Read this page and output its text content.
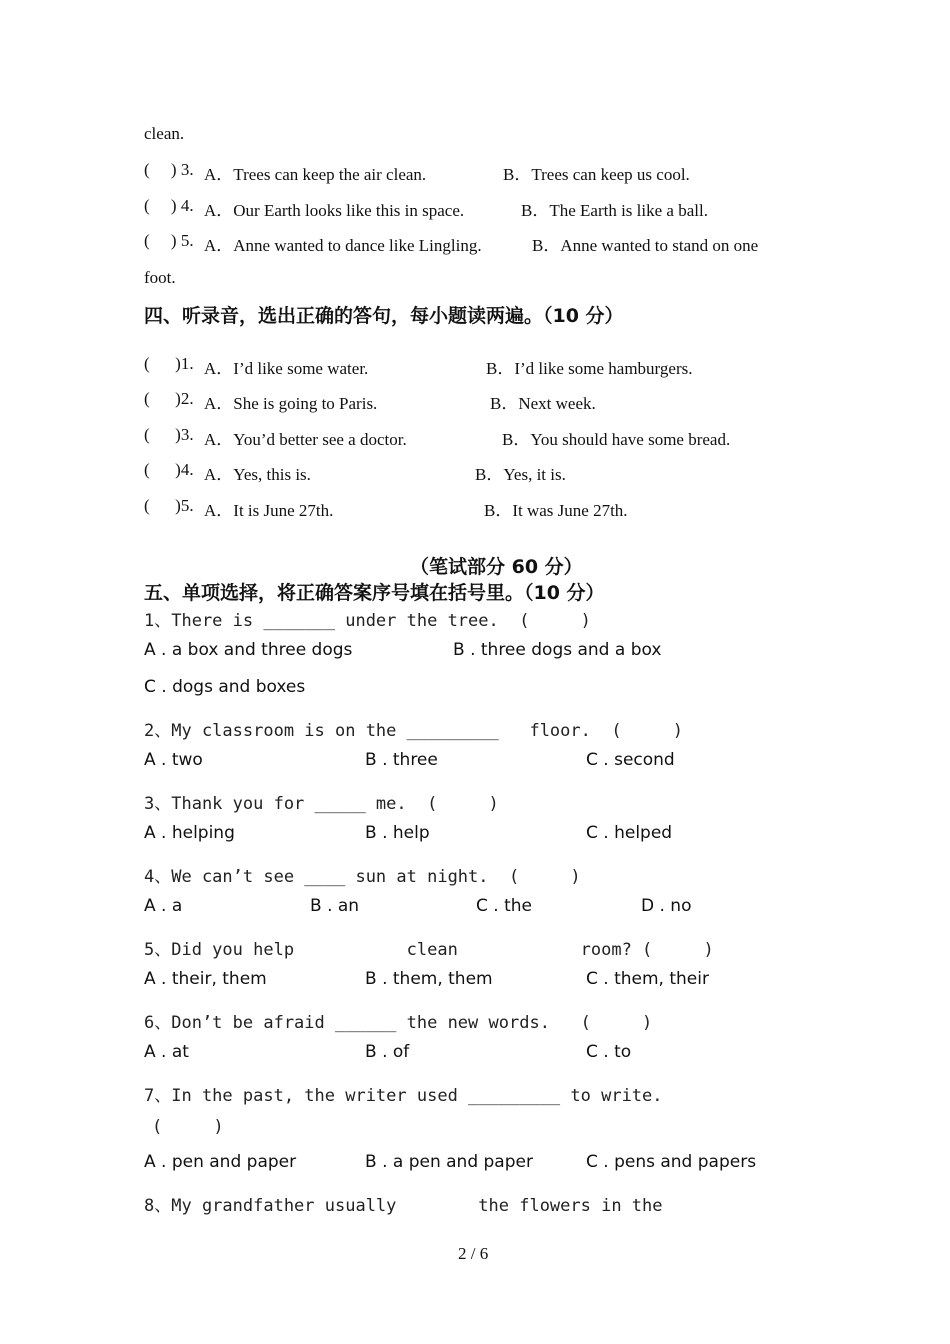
clean.
(     ) 3. A．Trees can keep the air clean.	B．Trees can keep us cool.
(     ) 4. A．Our Earth looks like this in space.	B．The Earth is like a ball.
(     ) 5. A．Anne wanted to dance like Lingling.	B．Anne wanted to stand on one
foot.
四、听录音，选出正确的答句，每小题读两遍。（10 分）
(      )1. A．I’d like some water.	B．I’d like some hamburgers.
(      )2. A．She is going to Paris.	B．Next week.
(      )3. A．You’d better see a doctor.	B．You should have some bread.
(      )4. A．Yes, this is.	B．Yes, it is.
(      )5. A．It is June 27th.	B．It was June 27th.
（笔试部分 60 分）
五、单项选择，将正确答案序号填在括号里。（10 分）
1、There is _______ under the tree.  (     )
A . a box and three dogs	B . three dogs and a box
C . dogs and boxes
2、My classroom is on the _________   floor.  (     )
A . two	B . three	C . second
3、Thank you for _____ me.  (     )
A . helping	B . help	C . helped
4、We can’t see ____ sun at night.  (     )
A . a	B . an	C . the	D . no
5、Did you help           clean            room? (     )
A . their, them	B . them, them	C . them, their
6、Don’t be afraid ______ the new words.   (     )
A . at	B . of	C . to
7、In the past, the writer used _________ to write.
(     )
A . pen and paper	B . a pen and paper	C . pens and papers
8、My grandfather usually        the flowers in the
2 / 6
